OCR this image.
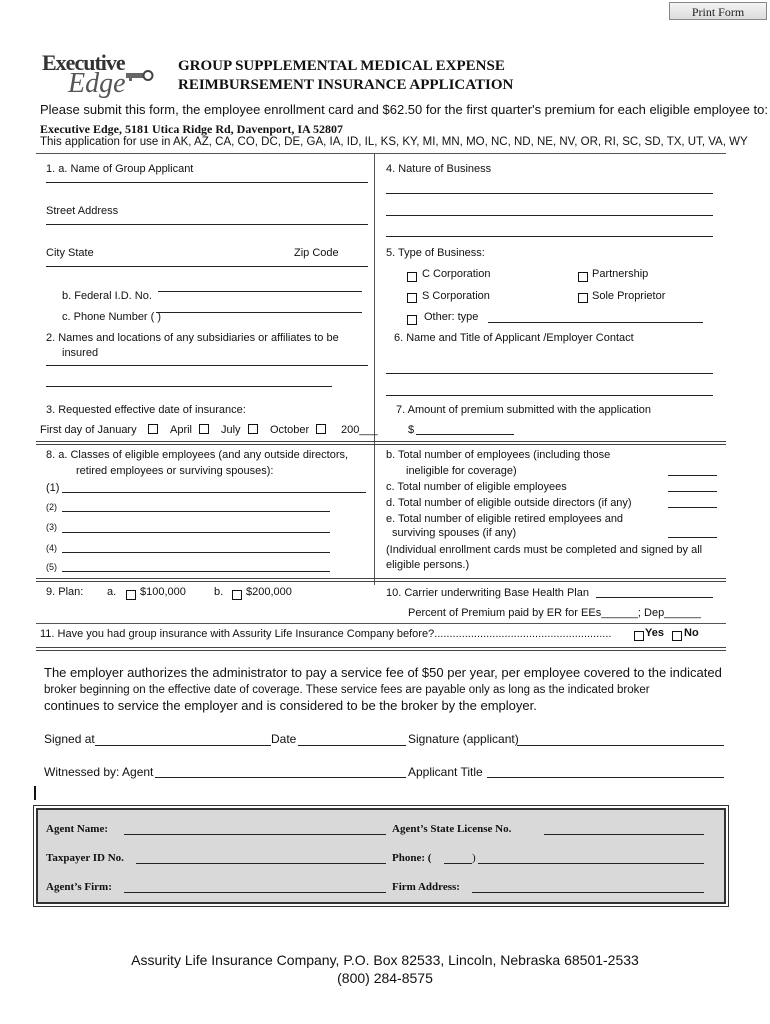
Print Form
Executive
Edge
GROUP SUPPLEMENTAL MEDICAL EXPENSE
REIMBURSEMENT INSURANCE APPLICATION
Please submit this form, the employee enrollment card and $62.50 for the first quarter's premium for each eligible employee to:
Executive Edge, 5181 Utica Ridge Rd, Davenport, IA 52807
This application for use in AK, AZ, CA, CO, DC, DE, GA, IA, ID, IL, KS, KY, MI, MN, MO, NC, ND, NE, NV, OR, RI, SC, SD, TX, UT, VA, WY
1. a. Name of Group Applicant
Street Address
City State	Zip Code
b. Federal I.D. No.
c. Phone Number ( )
2. Names and locations of any subsidiaries or affiliates to be
insured
3. Requested effective date of insurance:
First day of January	April	July	October	200___
8. a. Classes of eligible employees (and any outside directors,
retired employees or surviving spouses):
(1)
(2)
(3)
(4)
(5)
9. Plan: a. $100,000	b. $200,000
4. Nature of Business
5. Type of Business:
C Corporation	Partnership
S Corporation	Sole Proprietor
Other: type
6. Name and Title of Applicant /Employer Contact
7. Amount of premium submitted with the application
$
b. Total number of employees (including those
ineligible for coverage)
c. Total number of eligible employees
d. Total number of eligible outside directors (if any)
e. Total number of eligible retired employees and
surviving spouses (if any)
(Individual enrollment cards must be completed and signed by all
eligible persons.)
10. Carrier underwriting Base Health Plan
Percent of Premium paid by ER for EEs______; Dep______
11. Have you had group insurance with Assurity Life Insurance Company before?..........................................................	Yes No
The employer authorizes the administrator to pay a service fee of $50 per year, per employee covered to the indicated
broker beginning on the effective date of coverage. These service fees are payable only as long as the indicated broker
continues to service the employer and is considered to be the broker by the employer.
Signed at	Date	Signature (applicant)
Witnessed by: Agent	Applicant Title
Agent Name:	Agent’s State License No.
Taxpayer ID No.	Phone: (	)
Agent’s Firm:	Firm Address:
Assurity Life Insurance Company, P.O. Box 82533, Lincoln, Nebraska 68501-2533
(800) 284-8575
